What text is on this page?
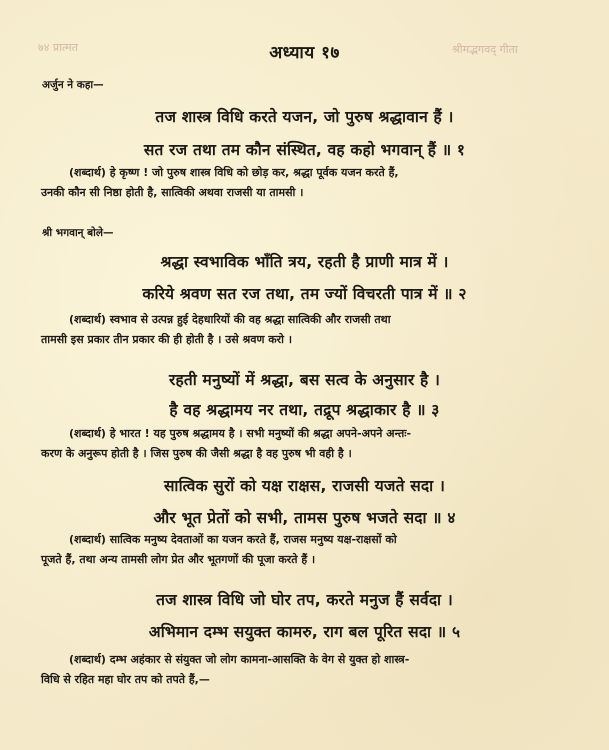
७४ प्रात्मत	अध्याय १७	श्रीमद्भगवद् गीता
अर्जुन ने कहा—
तज शास्त्र विधि करते यजन, जो पुरुष श्रद्धावान हैं ।
सत रज तथा तम कौन संस्थित, वह कहो भगवान् हैं ॥ १

(शब्दार्थ) हे कृष्ण ! जो पुरुष शास्त्र विधि को छोड़ कर, श्रद्धा पूर्वक यजन करते हैं,

उनकी कौन सी निष्ठा होती है, सात्विकी अथवा राजसी या तामसी ।

श्री भगवान् बोले—
श्रद्धा स्वभाविक भाँति त्रय, रहती है प्राणी मात्र में ।
करिये श्रवण सत रज तथा, तम ज्यों विचरती पात्र में ॥ २

(शब्दार्थ) स्वभाव से उत्पन्न हुई देहधारियों की वह श्रद्धा सात्विकी और राजसी तथा

तामसी इस प्रकार तीन प्रकार की ही होती है । उसे श्रवण करो ।

रहती मनुष्यों में श्रद्धा, बस सत्व के अनुसार है ।
है वह श्रद्धामय नर तथा, तद्रूप श्रद्धाकार है ॥ ३

(शब्दार्थ) हे भारत ! यह पुरुष श्रद्धामय है । सभी मनुष्यों की श्रद्धा अपने-अपने अन्तः-

करण के अनुरूप होती है । जिस पुरुष की जैसी श्रद्धा है वह पुरुष भी वही है ।

सात्विक सुरों को यक्ष राक्षस, राजसी यजते सदा ।
और भूत प्रेतों को सभी, तामस पुरुष भजते सदा ॥ ४

(शब्दार्थ) सात्विक मनुष्य देवताओं का यजन करते हैं, राजस मनुष्य यक्ष-राक्षसों को

पूजते हैं, तथा अन्य तामसी लोग प्रेत और भूतगणों की पूजा करते हैं ।

तज शास्त्र विधि जो घोर तप, करते मनुज हैं सर्वदा ।
अभिमान दम्भ सयुक्त कामरु, राग बल पूरित सदा ॥ ५

(शब्दार्थ) दम्भ अहंकार से संयुक्त जो लोग कामना-आसक्ति के वेग से युक्त हो शास्त्र-

विधि से रहित महा घोर तप को तपते हैं,—
